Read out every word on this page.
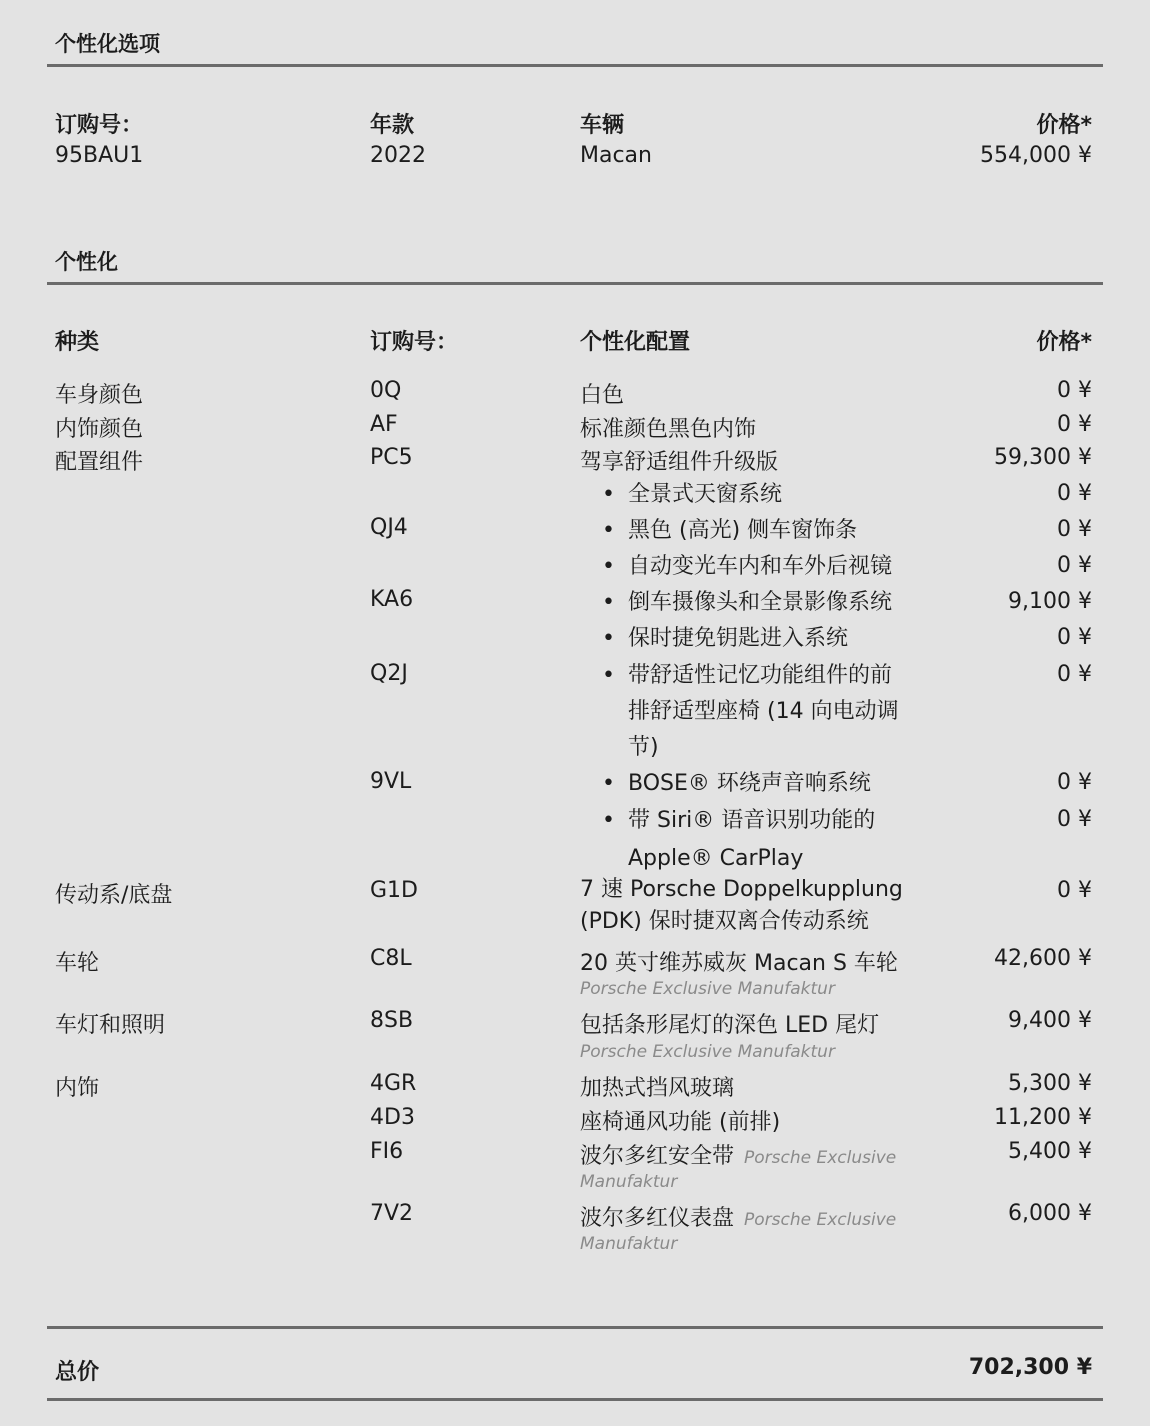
个性化选项
订购号：	年款	车辆	价格*
95BAU1	2022	Macan	554,000 ¥
个性化
种类	订购号：	个性化配置	价格*
车身颜色	0Q	白色	0 ¥
内饰颜色	AF	标准颜色黑色内饰	0 ¥
配置组件	PC5	驾享舒适组件升级版	59,300 ¥
• 全景式天窗系统	0 ¥
QJ4	• 黑色 (高光) 侧车窗饰条	0 ¥
• 自动变光车内和车外后视镜	0 ¥
KA6	• 倒车摄像头和全景影像系统	9,100 ¥
• 保时捷免钥匙进入系统	0 ¥
Q2J	• 带舒适性记忆功能组件的前
排舒适型座椅 (14 向电动调
节)
0 ¥
9VL	• BOSE® 环绕声音响系统	0 ¥
• 带 Siri® 语音识别功能的
Apple® CarPlay
0 ¥
传动系/底盘	G1D	7 速 Porsche Doppelkupplung
(PDK) 保时捷双离合传动系统
0 ¥
车轮	C8L	20 英寸维苏威灰 Macan S 车轮
Porsche Exclusive Manufaktur
42,600 ¥
车灯和照明	8SB	包括条形尾灯的深色 LED 尾灯
Porsche Exclusive Manufaktur
9,400 ¥
内饰	4GR	加热式挡风玻璃	5,300 ¥
4D3	座椅通风功能 (前排)	11,200 ¥
FI6	波尔多红安全带 Porsche Exclusive
Manufaktur
5,400 ¥
7V2	波尔多红仪表盘 Porsche Exclusive
Manufaktur
6,000 ¥
总价	702,300 ¥
